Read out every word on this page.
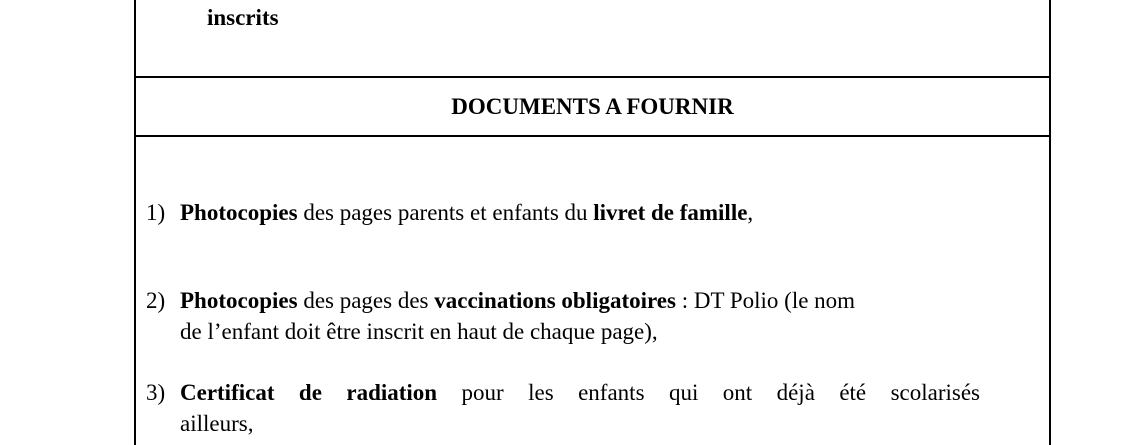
inscrits
DOCUMENTS A FOURNIR
1) Photocopies des pages parents et enfants du livret de famille,
2) Photocopies des pages des vaccinations obligatoires : DT Polio (le nom
de l’enfant doit être inscrit en haut de chaque page),
3) Certificat de radiation pour les enfants qui ont déjà été scolarisés
ailleurs,
